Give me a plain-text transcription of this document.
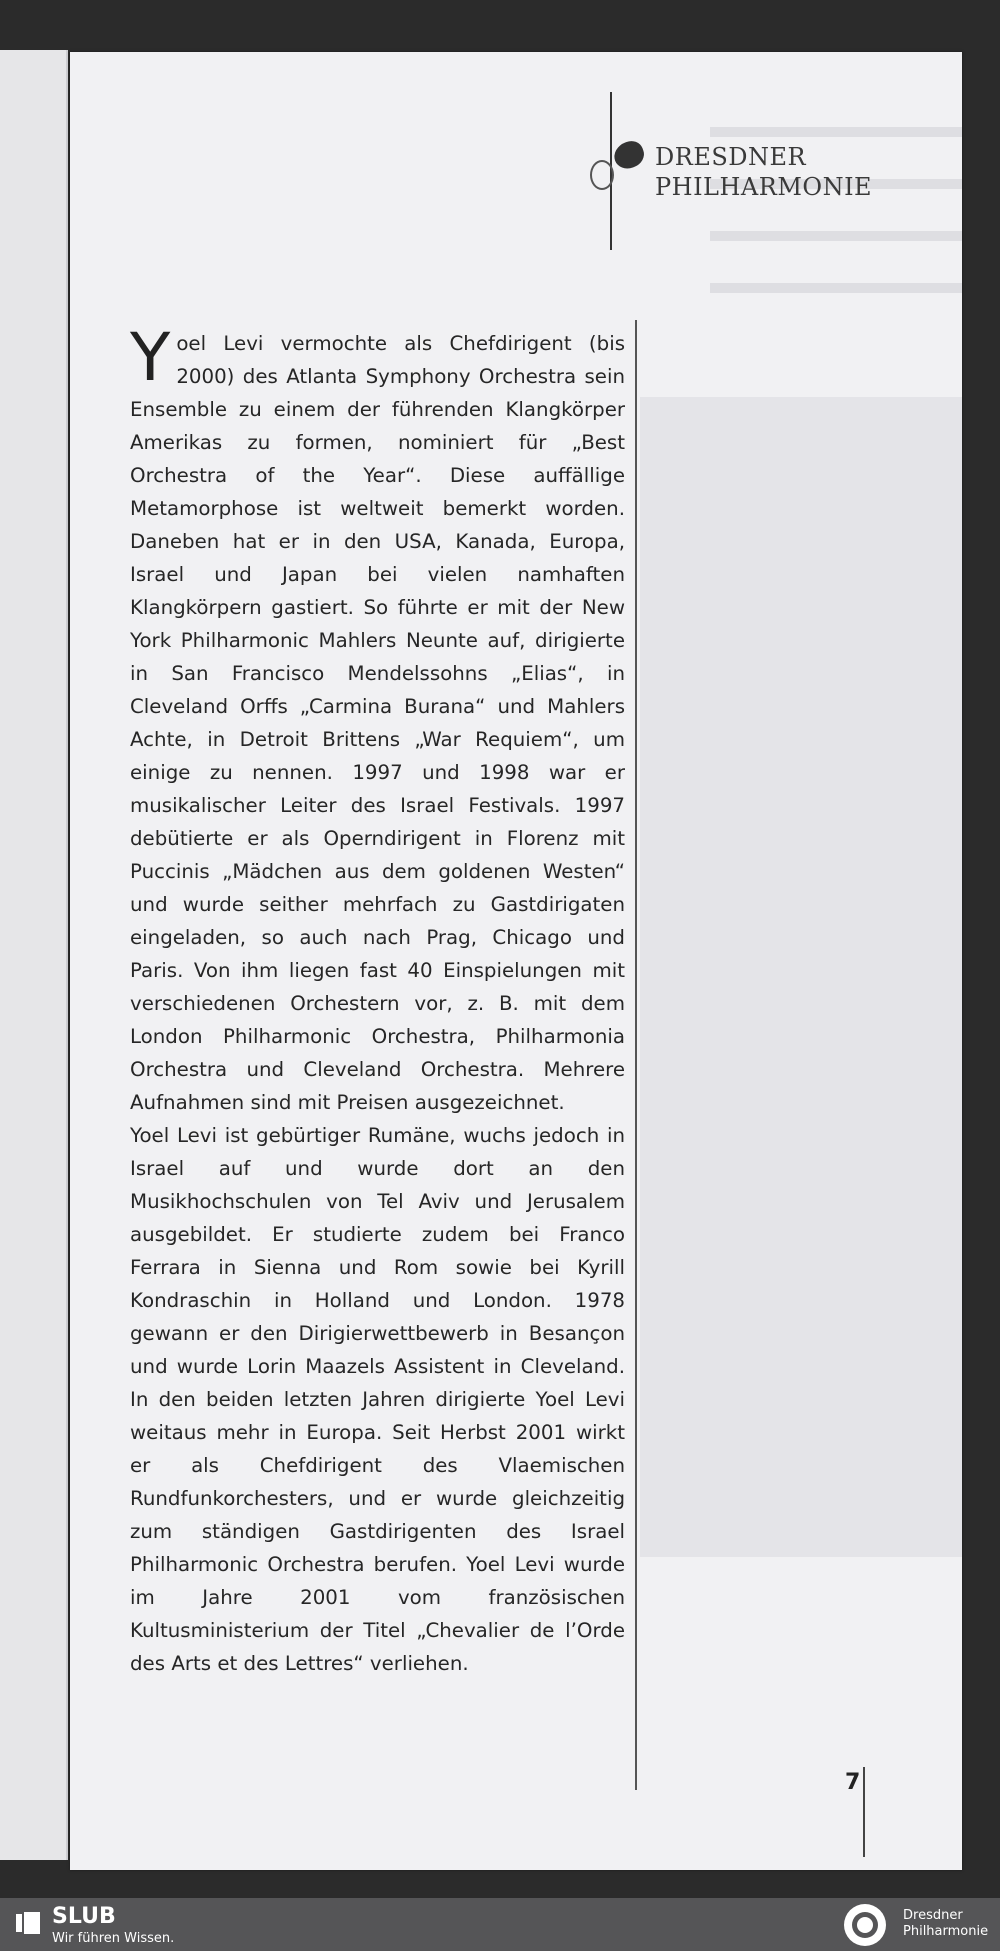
DRESDNER
PHILHARMONIE

Yoel Levi vermochte als Chefdirigent (bis 2000) des Atlanta Symphony Orchestra sein Ensemble zu einem der führenden Klangkörper Amerikas zu formen, nominiert für „Best Orchestra of the Year“. Diese auffällige Metamorphose ist weltweit bemerkt worden. Daneben hat er in den USA, Kanada, Europa, Israel und Japan bei vielen namhaften Klangkörpern gastiert. So führte er mit der New York Philharmonic Mahlers Neunte auf, dirigierte in San Francisco Mendelssohns „Elias“, in Cleveland Orffs „Carmina Burana“ und Mahlers Achte, in Detroit Brittens „War Requiem“, um einige zu nennen. 1997 und 1998 war er musikalischer Leiter des Israel Festivals. 1997 debütierte er als Operndirigent in Florenz mit Puccinis „Mädchen aus dem goldenen Westen“ und wurde seither mehrfach zu Gastdirigaten eingeladen, so auch nach Prag, Chicago und Paris. Von ihm liegen fast 40 Einspielungen mit verschiedenen Orchestern vor, z. B. mit dem London Philharmonic Orchestra, Philharmonia Orchestra und Cleveland Orchestra. Mehrere Aufnahmen sind mit Preisen ausgezeichnet.

Yoel Levi ist gebürtiger Rumäne, wuchs jedoch in Israel auf und wurde dort an den Musikhochschulen von Tel Aviv und Jerusalem ausgebildet. Er studierte zudem bei Franco Ferrara in Sienna und Rom sowie bei Kyrill Kondraschin in Holland und London. 1978 gewann er den Dirigierwettbewerb in Besançon und wurde Lorin Maazels Assistent in Cleveland. In den beiden letzten Jahren dirigierte Yoel Levi weitaus mehr in Europa. Seit Herbst 2001 wirkt er als Chefdirigent des Vlaemischen Rundfunkorchesters, und er wurde gleichzeitig zum ständigen Gastdirigenten des Israel Philharmonic Orchestra berufen. Yoel Levi wurde im Jahre 2001 vom französischen Kultusministerium der Titel „Chevalier de l’Orde des Arts et des Lettres“ verliehen.

7
SLUB
Wir führen Wissen.
Dresdner
Philharmonie
